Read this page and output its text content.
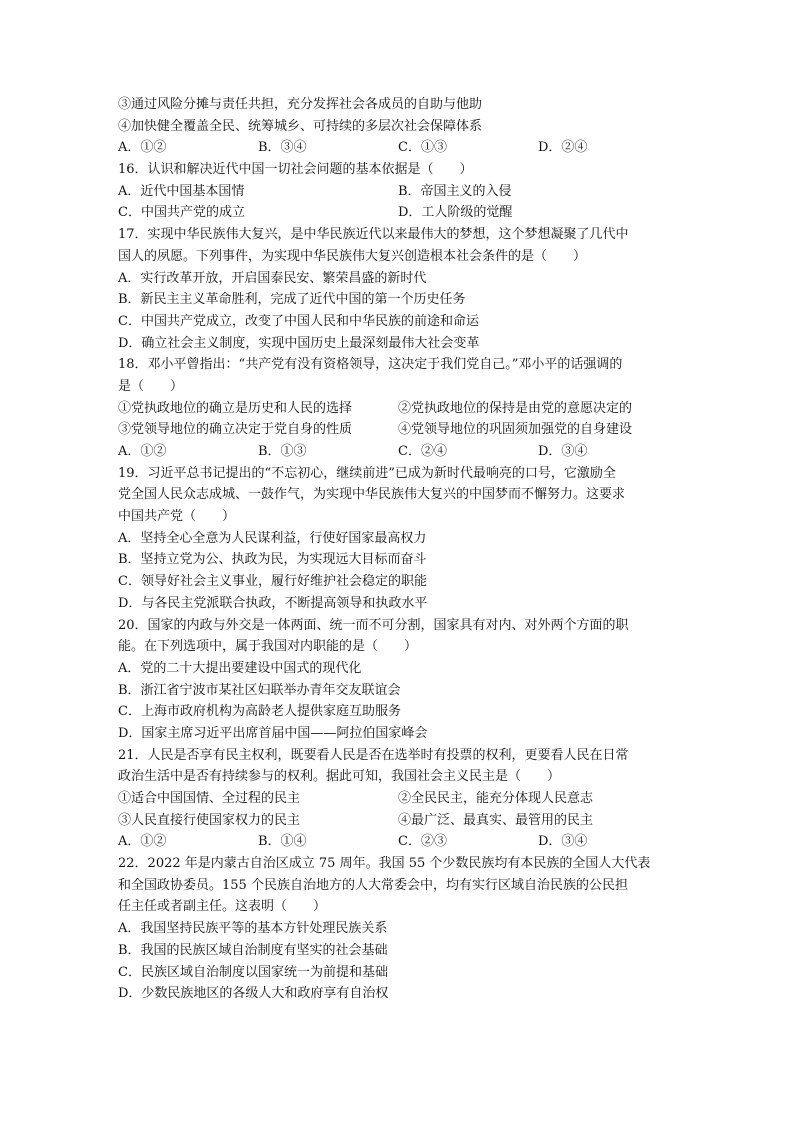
③通过风险分摊与责任共担，充分发挥社会各成员的自助与他助
④加快健全覆盖全民、统筹城乡、可持续的多层次社会保障体系
A．①②	B．③④	C．①③	D．②④
16．认识和解决近代中国一切社会问题的基本依据是（　　）
A．近代中国基本国情	B．帝国主义的入侵
C．中国共产党的成立	D．工人阶级的觉醒
17．实现中华民族伟大复兴，是中华民族近代以来最伟大的梦想，这个梦想凝聚了几代中
国人的夙愿。下列事件，为实现中华民族伟大复兴创造根本社会条件的是（　　）
A．实行改革开放，开启国泰民安、繁荣昌盛的新时代
B．新民主主义革命胜利，完成了近代中国的第一个历史任务
C．中国共产党成立，改变了中国人民和中华民族的前途和命运
D．确立社会主义制度，实现中国历史上最深刻最伟大社会变革
18．邓小平曾指出：“共产党有没有资格领导，这决定于我们党自己。”邓小平的话强调的
是（　　）
①党执政地位的确立是历史和人民的选择	②党执政地位的保持是由党的意愿决定的
③党领导地位的确立决定于党自身的性质	④党领导地位的巩固须加强党的自身建设
A．①②	B．①③	C．②④	D．③④
19．习近平总书记提出的“不忘初心，继续前进”已成为新时代最响亮的口号，它激励全
党全国人民众志成城、一鼓作气，为实现中华民族伟大复兴的中国梦而不懈努力。这要求
中国共产党（　　）
A．坚持全心全意为人民谋利益，行使好国家最高权力
B．坚持立党为公、执政为民，为实现远大目标而奋斗
C．领导好社会主义事业，履行好维护社会稳定的职能
D．与各民主党派联合执政，不断提高领导和执政水平
20．国家的内政与外交是一体两面、统一而不可分割，国家具有对内、对外两个方面的职
能。在下列选项中，属于我国对内职能的是（　　）
A．党的二十大提出要建设中国式的现代化
B．浙江省宁波市某社区妇联举办青年交友联谊会
C．上海市政府机构为高龄老人提供家庭互助服务
D．国家主席习近平出席首届中国——阿拉伯国家峰会
21．人民是否享有民主权利，既要看人民是否在选举时有投票的权利，更要看人民在日常
政治生活中是否有持续参与的权利。据此可知，我国社会主义民主是（　　）
①适合中国国情、全过程的民主	②全民民主，能充分体现人民意志
③人民直接行使国家权力的民主	④最广泛、最真实、最管用的民主
A．①②	B．①④	C．②③	D．③④
22．2022 年是内蒙古自治区成立 75 周年。我国 55 个少数民族均有本民族的全国人大代表
和全国政协委员。155 个民族自治地方的人大常委会中，均有实行区域自治民族的公民担
任主任或者副主任。这表明（　　）
A．我国坚持民族平等的基本方针处理民族关系
B．我国的民族区域自治制度有坚实的社会基础
C．民族区域自治制度以国家统一为前提和基础
D．少数民族地区的各级人大和政府享有自治权
